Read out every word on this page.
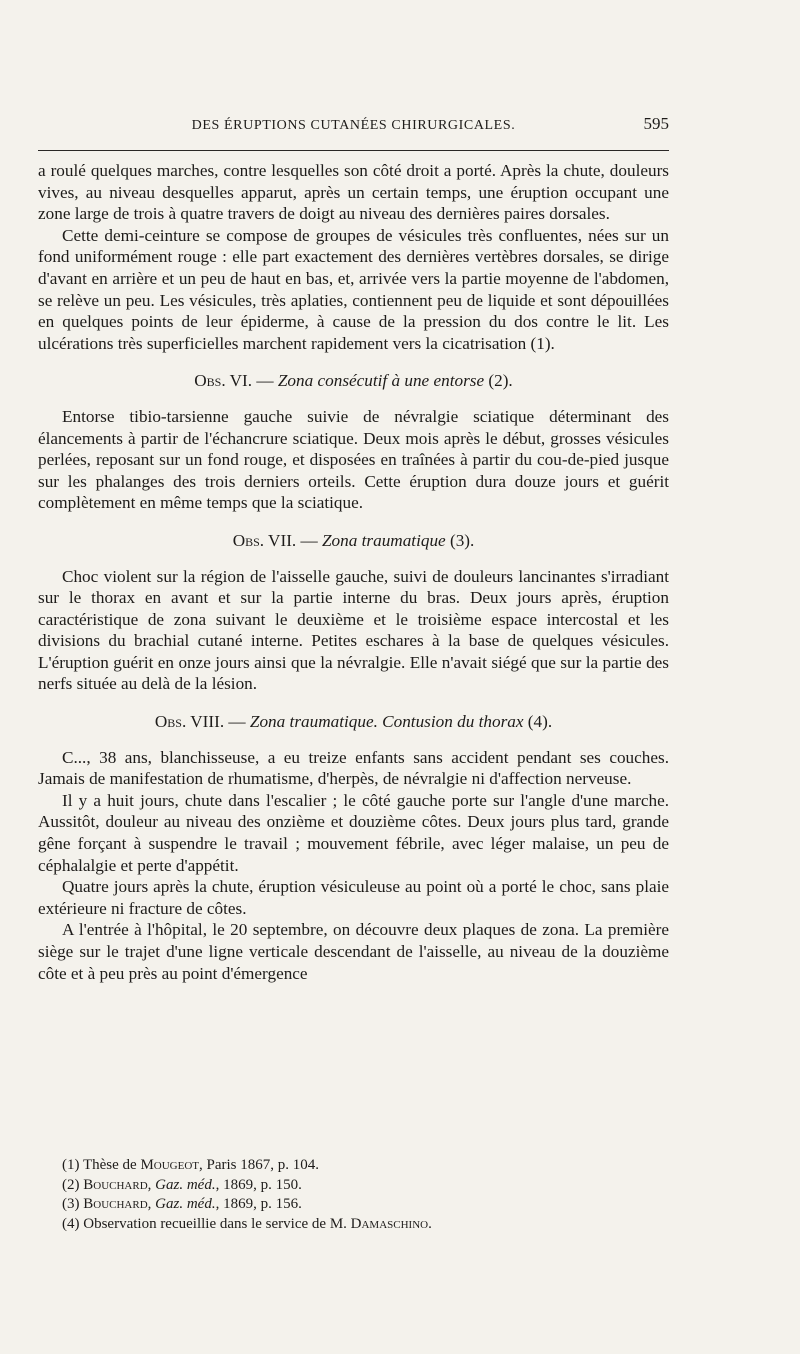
DES ÉRUPTIONS CUTANÉES CHIRURGICALES.	595

a roulé quelques marches, contre lesquelles son côté droit a porté. Après la chute, douleurs vives, au niveau desquelles apparut, après un certain temps, une éruption occupant une zone large de trois à quatre travers de doigt au niveau des dernières paires dorsales.

Cette demi-ceinture se compose de groupes de vésicules très confluentes, nées sur un fond uniformément rouge : elle part exactement des dernières vertèbres dorsales, se dirige d'avant en arrière et un peu de haut en bas, et, arrivée vers la partie moyenne de l'abdomen, se relève un peu. Les vésicules, très aplaties, contiennent peu de liquide et sont dépouillées en quelques points de leur épiderme, à cause de la pression du dos contre le lit. Les ulcérations très superficielles marchent rapidement vers la cicatrisation (1).

Obs. VI. — Zona consécutif à une entorse (2).

Entorse tibio-tarsienne gauche suivie de névralgie sciatique déterminant des élancements à partir de l'échancrure sciatique. Deux mois après le début, grosses vésicules perlées, reposant sur un fond rouge, et disposées en traînées à partir du cou-de-pied jusque sur les phalanges des trois derniers orteils. Cette éruption dura douze jours et guérit complètement en même temps que la sciatique.

Obs. VII. — Zona traumatique (3).

Choc violent sur la région de l'aisselle gauche, suivi de douleurs lancinantes s'irradiant sur le thorax en avant et sur la partie interne du bras. Deux jours après, éruption caractéristique de zona suivant le deuxième et le troisième espace intercostal et les divisions du brachial cutané interne. Petites eschares à la base de quelques vésicules. L'éruption guérit en onze jours ainsi que la névralgie. Elle n'avait siégé que sur la partie des nerfs située au delà de la lésion.

Obs. VIII. — Zona traumatique. Contusion du thorax (4).

C..., 38 ans, blanchisseuse, a eu treize enfants sans accident pendant ses couches. Jamais de manifestation de rhumatisme, d'herpès, de névralgie ni d'affection nerveuse.

Il y a huit jours, chute dans l'escalier ; le côté gauche porte sur l'angle d'une marche. Aussitôt, douleur au niveau des onzième et douzième côtes. Deux jours plus tard, grande gêne forçant à suspendre le travail ; mouvement fébrile, avec léger malaise, un peu de céphalalgie et perte d'appétit.

Quatre jours après la chute, éruption vésiculeuse au point où a porté le choc, sans plaie extérieure ni fracture de côtes.

A l'entrée à l'hôpital, le 20 septembre, on découvre deux plaques de zona. La première siège sur le trajet d'une ligne verticale descendant de l'aisselle, au niveau de la douzième côte et à peu près au point d'émergence

(1) Thèse de Mougeot, Paris 1867, p. 104.
(2) Bouchard, Gaz. méd., 1869, p. 150.
(3) Bouchard, Gaz. méd., 1869, p. 156.
(4) Observation recueillie dans le service de M. Damaschino.
